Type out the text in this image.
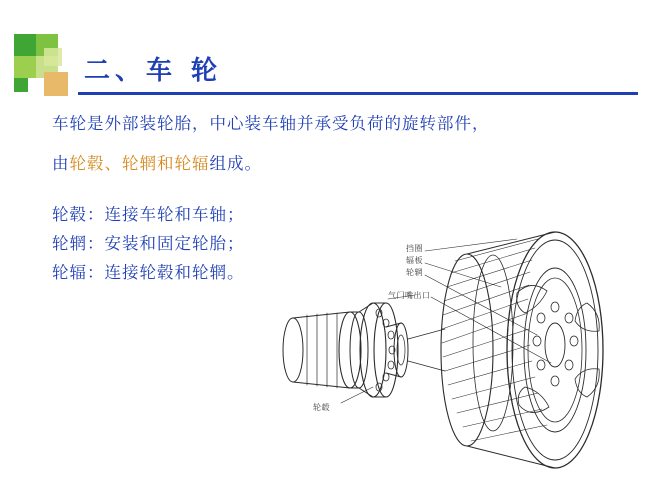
二、车 轮
车轮是外部装轮胎，中心装车轴并承受负荷的旋转部件，
由轮毂、轮辋和轮辐组成。
轮毂：连接车轮和车轴；
轮辋：安装和固定轮胎；
轮辐：连接轮毂和轮辋。
挡圈
辐板
轮辋
气门嘴出口
轮毂
